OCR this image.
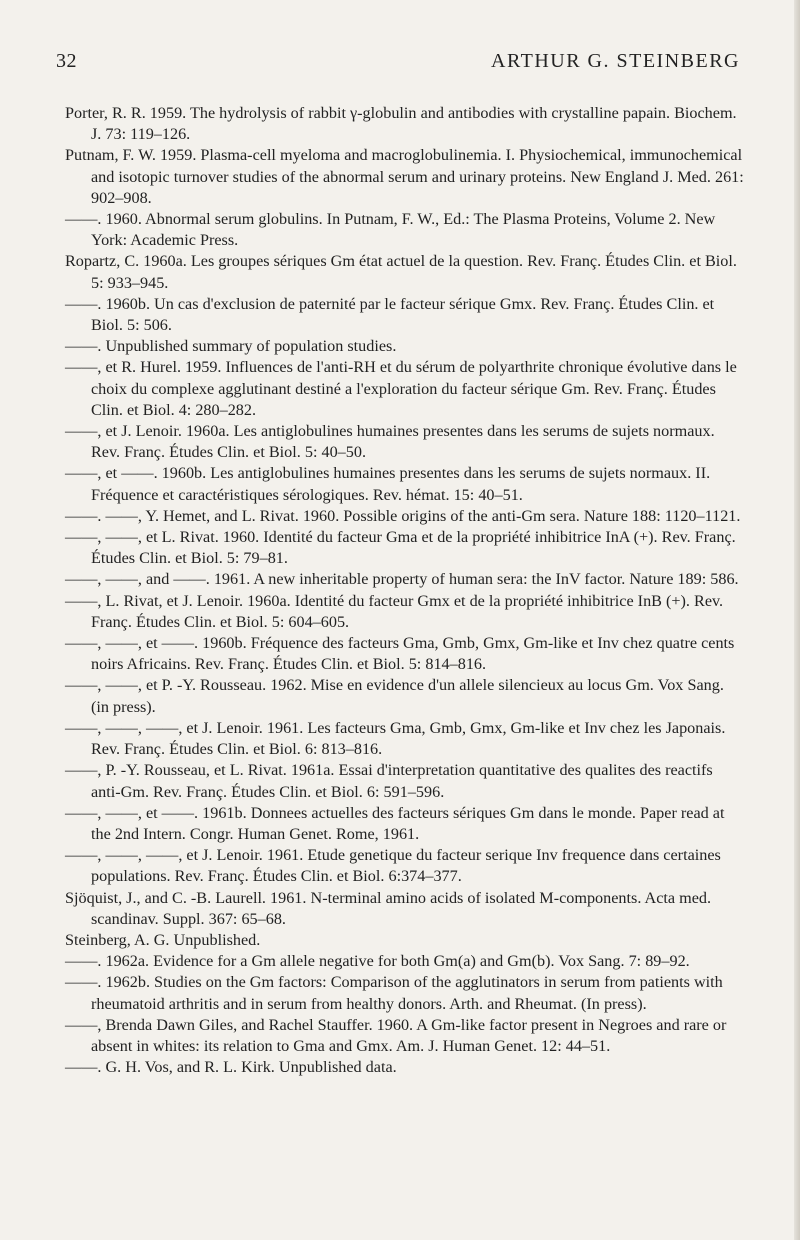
32	ARTHUR G. STEINBERG

Porter, R. R. 1959. The hydrolysis of rabbit γ-globulin and antibodies with crystalline papain. Biochem. J. 73: 119–126.

Putnam, F. W. 1959. Plasma-cell myeloma and macroglobulinemia. I. Physiochemical, immunochemical and isotopic turnover studies of the abnormal serum and urinary proteins. New England J. Med. 261: 902–908.

——. 1960. Abnormal serum globulins. In Putnam, F. W., Ed.: The Plasma Proteins, Volume 2. New York: Academic Press.

Ropartz, C. 1960a. Les groupes sériques Gm état actuel de la question. Rev. Franç. Études Clin. et Biol. 5: 933–945.

——. 1960b. Un cas d'exclusion de paternité par le facteur sérique Gmx. Rev. Franç. Études Clin. et Biol. 5: 506.

——. Unpublished summary of population studies.

——, et R. Hurel. 1959. Influences de l'anti-RH et du sérum de polyarthrite chronique évolutive dans le choix du complexe agglutinant destiné a l'exploration du facteur sérique Gm. Rev. Franç. Études Clin. et Biol. 4: 280–282.

——, et J. Lenoir. 1960a. Les antiglobulines humaines presentes dans les serums de sujets normaux. Rev. Franç. Études Clin. et Biol. 5: 40–50.

——, et ——. 1960b. Les antiglobulines humaines presentes dans les serums de sujets normaux. II. Fréquence et caractéristiques sérologiques. Rev. hémat. 15: 40–51.

——. ——, Y. Hemet, and L. Rivat. 1960. Possible origins of the anti-Gm sera. Nature 188: 1120–1121.

——, ——, et L. Rivat. 1960. Identité du facteur Gma et de la propriété inhibitrice InA (+). Rev. Franç. Études Clin. et Biol. 5: 79–81.

——, ——, and ——. 1961. A new inheritable property of human sera: the InV factor. Nature 189: 586.

——, L. Rivat, et J. Lenoir. 1960a. Identité du facteur Gmx et de la propriété inhibitrice InB (+). Rev. Franç. Études Clin. et Biol. 5: 604–605.

——, ——, et ——. 1960b. Fréquence des facteurs Gma, Gmb, Gmx, Gm-like et Inv chez quatre cents noirs Africains. Rev. Franç. Études Clin. et Biol. 5: 814–816.

——, ——, et P. -Y. Rousseau. 1962. Mise en evidence d'un allele silencieux au locus Gm. Vox Sang. (in press).

——, ——, ——, et J. Lenoir. 1961. Les facteurs Gma, Gmb, Gmx, Gm-like et Inv chez les Japonais. Rev. Franç. Études Clin. et Biol. 6: 813–816.

——, P. -Y. Rousseau, et L. Rivat. 1961a. Essai d'interpretation quantitative des qualites des reactifs anti-Gm. Rev. Franç. Études Clin. et Biol. 6: 591–596.

——, ——, et ——. 1961b. Donnees actuelles des facteurs sériques Gm dans le monde. Paper read at the 2nd Intern. Congr. Human Genet. Rome, 1961.

——, ——, ——, et J. Lenoir. 1961. Etude genetique du facteur serique Inv frequence dans certaines populations. Rev. Franç. Études Clin. et Biol. 6:374–377.

Sjöquist, J., and C. -B. Laurell. 1961. N-terminal amino acids of isolated M-components. Acta med. scandinav. Suppl. 367: 65–68.

Steinberg, A. G. Unpublished.

——. 1962a. Evidence for a Gm allele negative for both Gm(a) and Gm(b). Vox Sang. 7: 89–92.

——. 1962b. Studies on the Gm factors: Comparison of the agglutinators in serum from patients with rheumatoid arthritis and in serum from healthy donors. Arth. and Rheumat. (In press).

——, Brenda Dawn Giles, and Rachel Stauffer. 1960. A Gm-like factor present in Negroes and rare or absent in whites: its relation to Gma and Gmx. Am. J. Human Genet. 12: 44–51.

——. G. H. Vos, and R. L. Kirk. Unpublished data.
